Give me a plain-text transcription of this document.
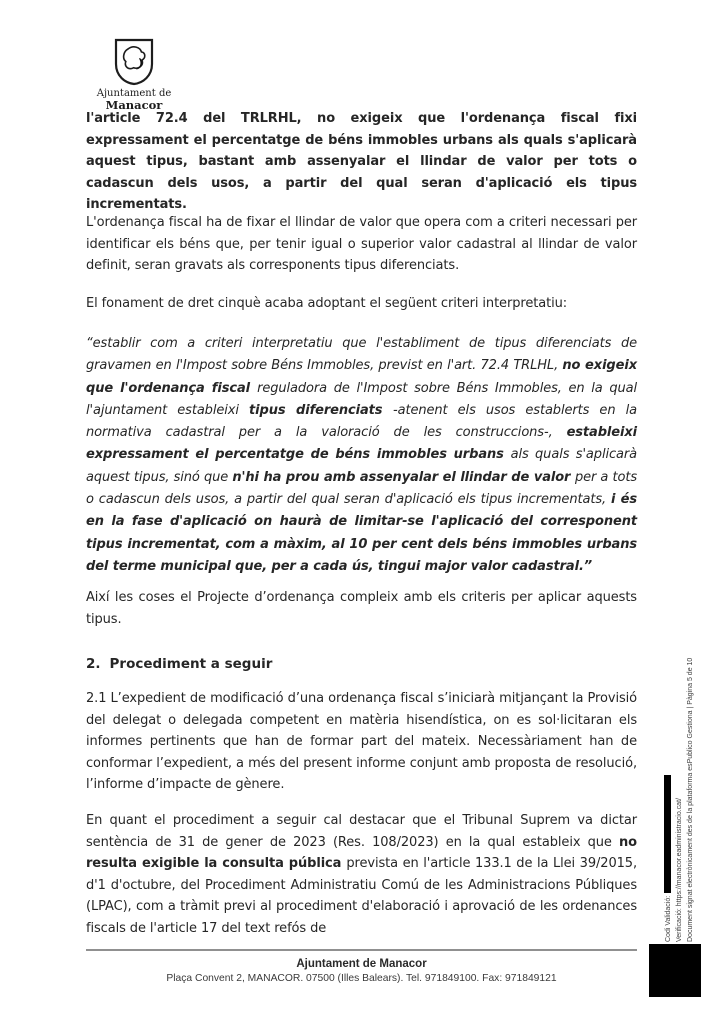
Ajuntament de
Manacor
l'article 72.4 del TRLRHL, no exigeix que l'ordenança fiscal fixi expressament el percentatge de béns immobles urbans als quals s'aplicarà aquest tipus, bastant amb assenyalar el llindar de valor per tots o cadascun dels usos, a partir del qual seran d'aplicació els tipus incrementats.
L'ordenança fiscal ha de fixar el llindar de valor que opera com a criteri necessari per identificar els béns que, per tenir igual o superior valor cadastral al llindar de valor definit, seran gravats als corresponents tipus diferenciats.
El fonament de dret cinquè acaba adoptant el següent criteri interpretatiu:
“establir com a criteri interpretatiu que l'establiment de tipus diferenciats de gravamen en l'Impost sobre Béns Immobles, previst en l'art. 72.4 TRLHL, no exigeix que l'ordenança fiscal reguladora de l'Impost sobre Béns Immobles, en la qual l'ajuntament estableixi tipus diferenciats -atenent els usos establerts en la normativa cadastral per a la valoració de les construccions-, estableixi expressament el percentatge de béns immobles urbans als quals s'aplicarà aquest tipus, sinó que n'hi ha prou amb assenyalar el llindar de valor per a tots o cadascun dels usos, a partir del qual seran d'aplicació els tipus incrementats, i és en la fase d'aplicació on haurà de limitar-se l'aplicació del corresponent tipus incrementat, com a màxim, al 10 per cent dels béns immobles urbans del terme municipal que, per a cada ús, tingui major valor cadastral.”
Així les coses el Projecte d’ordenança compleix amb els criteris per aplicar aquests tipus.
2. Procediment a seguir
2.1 L’expedient de modificació d’una ordenança fiscal s’iniciarà mitjançant la Provisió del delegat o delegada competent en matèria hisendística, on es sol·licitaran els informes pertinents que han de formar part del mateix. Necessàriament han de conformar l’expedient, a més del present informe conjunt amb proposta de resolució, l’informe d’impacte de gènere.
En quant el procediment a seguir cal destacar que el Tribunal Suprem va dictar sentència de 31 de gener de 2023 (Res. 108/2023) en la qual estableix que no resulta exigible la consulta pública prevista en l'article 133.1 de la Llei 39/2015, d'1 d'octubre, del Procediment Administratiu Comú de les Administracions Públiques (LPAC), com a tràmit previ al procediment d'elaboració i aprovació de les ordenances fiscals de l'article 17 del text refós de
Ajuntament de Manacor
Plaça Convent 2, MANACOR. 07500 (Illes Balears). Tel. 971849100. Fax: 971849121
Codi Validació: Verificació: https://manacor.eadministracio.cat/ Document signat electrònicament des de la plataforma esPublico Gestiona | Pàgina 5 de 10
